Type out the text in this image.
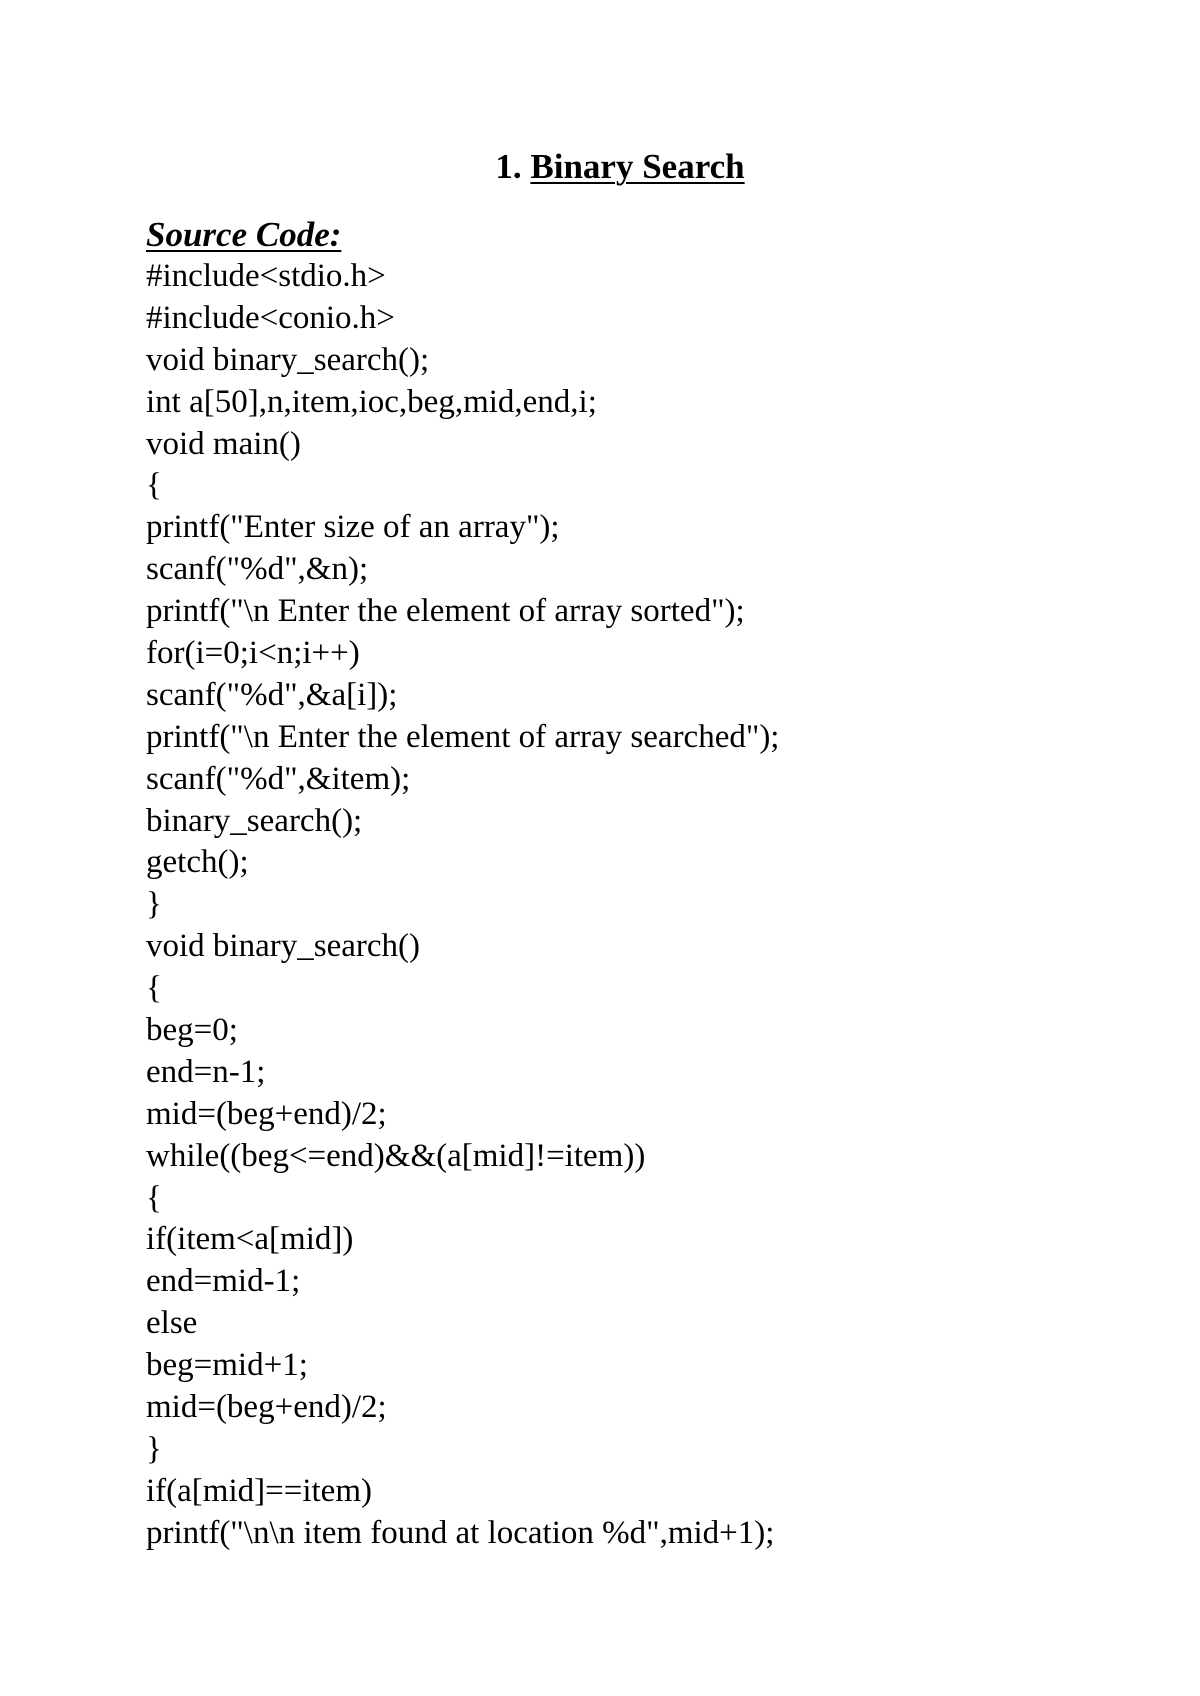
1. Binary Search
Source Code:
#include<stdio.h>
#include<conio.h>
void binary_search();
int a[50],n,item,ioc,beg,mid,end,i;
void main()
{
printf("Enter size of an array");
scanf("%d",&n);
printf("\n Enter the element of array sorted");
for(i=0;i<n;i++)
scanf("%d",&a[i]);
printf("\n Enter the element of array searched");
scanf("%d",&item);
binary_search();
getch();
}
void binary_search()
{
beg=0;
end=n-1;
mid=(beg+end)/2;
while((beg<=end)&&(a[mid]!=item))
{
if(item<a[mid])
end=mid-1;
else
beg=mid+1;
mid=(beg+end)/2;
}
if(a[mid]==item)
printf("\n\n item found at location %d",mid+1);
